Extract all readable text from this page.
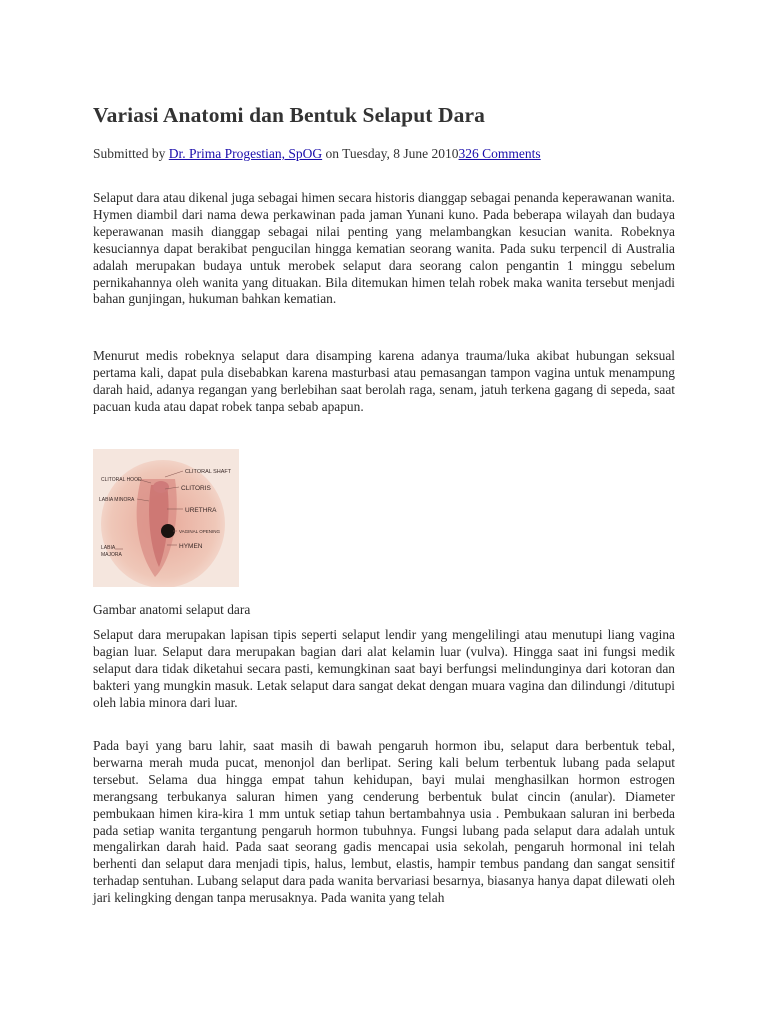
Variasi Anatomi dan Bentuk Selaput Dara

Submitted by Dr. Prima Progestian, SpOG on Tuesday, 8 June 2010326 Comments

Selaput dara atau dikenal juga sebagai himen secara historis dianggap sebagai penanda keperawanan wanita. Hymen diambil dari nama dewa perkawinan pada jaman Yunani kuno. Pada beberapa wilayah dan budaya keperawanan masih dianggap sebagai nilai penting yang melambangkan kesucian wanita. Robeknya kesuciannya dapat berakibat pengucilan hingga kematian seorang wanita. Pada suku terpencil di Australia adalah merupakan budaya untuk merobek selaput dara seorang calon pengantin 1 minggu sebelum pernikahannya oleh wanita yang dituakan. Bila ditemukan himen telah robek maka wanita tersebut menjadi bahan gunjingan, hukuman bahkan kematian.

Menurut medis robeknya selaput dara disamping karena adanya trauma/luka akibat hubungan seksual pertama kali, dapat pula disebabkan karena masturbasi atau pemasangan tampon vagina untuk menampung darah haid, adanya regangan yang berlebihan saat berolah raga, senam, jatuh terkena gagang di sepeda, saat pacuan kuda atau dapat robek tanpa sebab apapun.

CLITORAL SHAFT
CLITORAL HOOD
CLITORIS
LABIA MINORA
URETHRA
VAGINAL OPENING
LABIA
MAJORA
HYMEN

Gambar anatomi selaput dara

Selaput dara merupakan lapisan tipis seperti selaput lendir yang mengelilingi atau menutupi liang vagina bagian luar. Selaput dara merupakan bagian dari alat kelamin luar (vulva). Hingga saat ini fungsi medik selaput dara tidak diketahui secara pasti, kemungkinan saat bayi berfungsi melindunginya dari kotoran dan bakteri yang mungkin masuk. Letak selaput dara sangat dekat dengan muara vagina dan dilindungi /ditutupi oleh labia minora dari luar.

Pada bayi yang baru lahir, saat masih di bawah pengaruh hormon ibu, selaput dara berbentuk tebal, berwarna merah muda pucat, menonjol dan berlipat. Sering kali belum terbentuk lubang pada selaput tersebut. Selama dua hingga empat tahun kehidupan, bayi mulai menghasilkan hormon estrogen merangsang terbukanya saluran himen yang cenderung berbentuk bulat cincin (anular). Diameter pembukaan himen kira-kira 1 mm untuk setiap tahun bertambahnya usia . Pembukaan saluran ini berbeda pada setiap wanita tergantung pengaruh hormon tubuhnya. Fungsi lubang pada selaput dara adalah untuk mengalirkan darah haid. Pada saat seorang gadis mencapai usia sekolah, pengaruh hormonal ini telah berhenti dan selaput dara menjadi tipis, halus, lembut, elastis, hampir tembus pandang dan sangat sensitif terhadap sentuhan. Lubang selaput dara pada wanita bervariasi besarnya, biasanya hanya dapat dilewati oleh jari kelingking dengan tanpa merusaknya. Pada wanita yang telah
